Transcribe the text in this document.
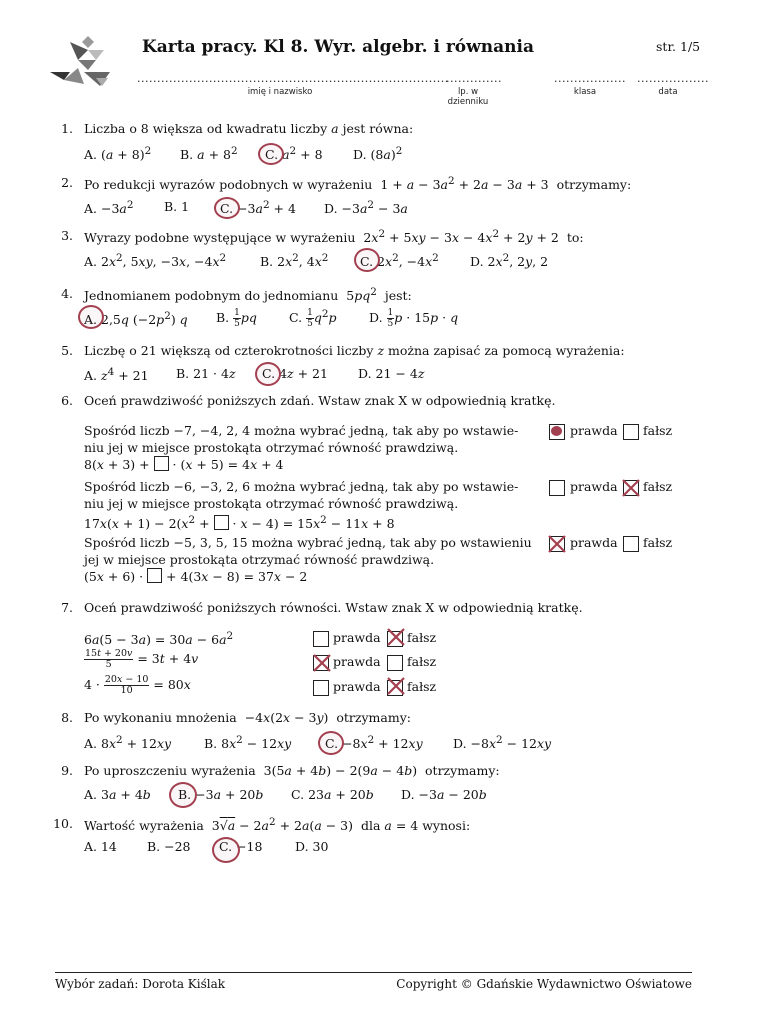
Karta pracy. Kl 8. Wyr. algebr. i równania	str. 1/5
..............................................................................
imię i nazwisko
..............
lp. w dzienniku
..................
klasa
..................
data
1. Liczba o 8 większa od kwadratu liczby a jest równa:
A. $(a + 8)^2$ B. $a + 8^2$ C. $a^2 + 8$ D. $(8a)^2$
2. Po redukcji wyrazów podobnych w wyrażeniu  $1 + a - 3a^2 + 2a - 3a + 3$  otrzymamy:
A. $-3a^2$ B. 1 C. $-3a^2 + 4$ D. $-3a^2 - 3a$
3. Wyrazy podobne występujące w wyrażeniu  $2x^2 + 5xy - 3x - 4x^2 + 2y + 2$  to:
A. $2x^2$, 5xy, −3x, $-4x^2$	B. $2x^2$, $4x^2$	C. $2x^2$, $-4x^2$ D. $2x^2$, 2y, 2
4. Jednomianem podobnym do jednomianu  $5pq^2$ jest:
A. 2,5q $(-2p^2)$ q B. $\frac{1}{5}$ pq	C. $\frac{1}{5} q^2p$	D. $\frac{1}{5}$ p · 15p · q
5. Liczbę o 21 większą od czterokrotności liczby z można zapisać za pomocą wyrażenia:
A. $z^4 + 21$ B. 21 · 4z C. 4z + 21 D. 21 − 4z
6. Oceń prawdziwość poniższych zdań. Wstaw znak X w odpowiednią kratkę.
Spośród liczb −7, −4, 2, 4 można wybrać jedną, tak aby po wstawie-
niu jej w miejsce prostokąta otrzymać równość prawdziwą.
8(x + 3) +  · (x + 5) = 4x + 4
prawda fałsz
Spośród liczb −6, −3, 2, 6 można wybrać jedną, tak aby po wstawie-
niu jej w miejsce prostokąta otrzymać równość prawdziwą.
$17x(x + 1) - 2(x^2$ +  · $x - 4) = 15x^2 - 11x + 8$
prawda fałsz
Spośród liczb −5, 3, 5, 15 można wybrać jedną, tak aby po wstawieniu
jej w miejsce prostokąta otrzymać równość prawdziwą.
(5x + 6) ·  + 4(3x − 8) = 37x − 2
prawda fałsz
7. Oceń prawdziwość poniższych równości. Wstaw znak X w odpowiednią kratkę.
$6a(5 - 3a) = 30a - 6a^2$	prawda fałsz
$\frac{15t + 20v}{5} = 3t + 4v$	prawda fałsz
$4 \cdot \frac{20x - 10}{10} = 80x$	prawda fałsz
8. Po wykonaniu mnożenia  −4x(2x − 3y)  otrzymamy:
A. $8x^2 + 12xy$	B. $8x^2 - 12xy$	C. $-8x^2 + 12xy$ D. $-8x^2 - 12xy$
9. Po uproszczeniu wyrażenia  3(5a + 4b) − 2(9a − 4b)  otrzymamy:
A. 3a + 4b B. −3a + 20b C. 23a + 20b D. −3a − 20b
10. Wartość wyrażenia  $3√a - 2a^2 + 2a(a - 3)$  dla a = 4 wynosi:
A. 14 B. −28 C. −18	D. 30
Wybór zadań: Dorota Kiślak	Copyright © Gdańskie Wydawnictwo Oświatowe
